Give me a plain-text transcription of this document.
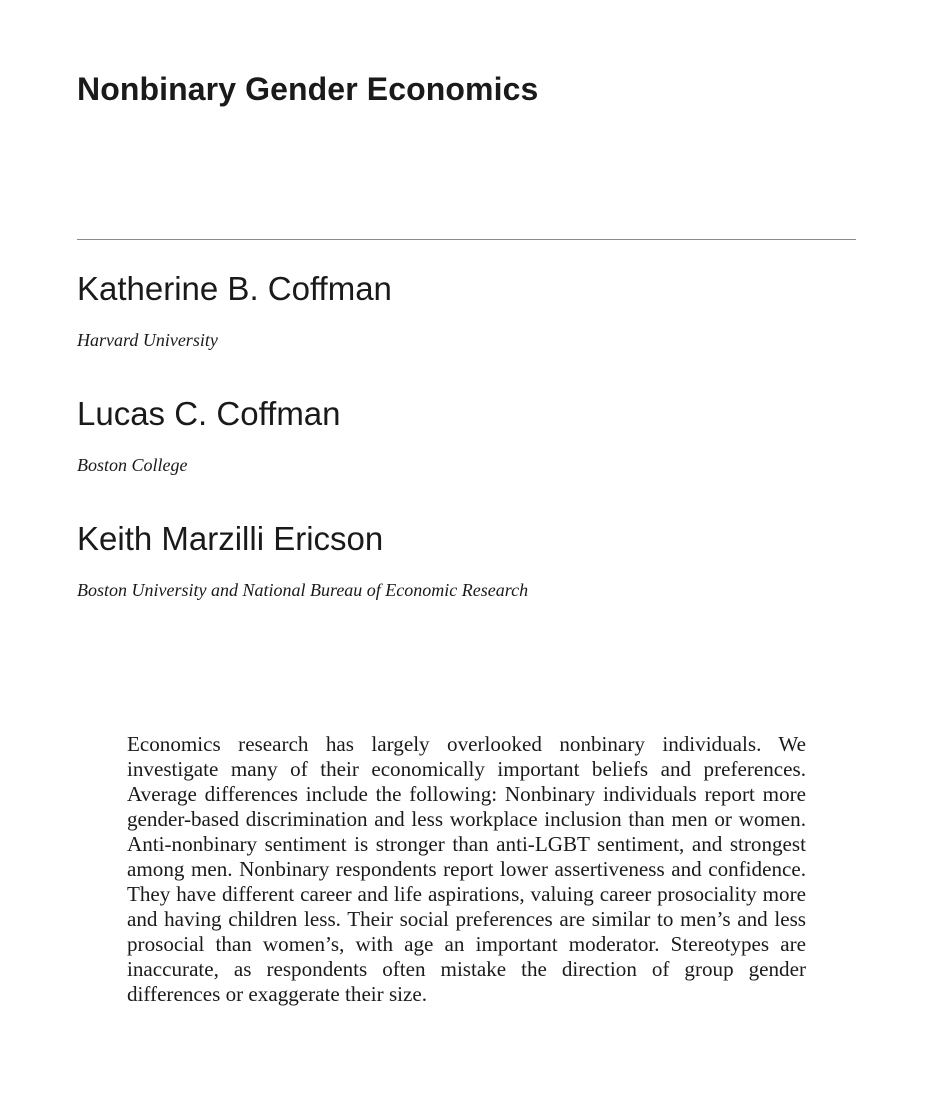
Nonbinary Gender Economics

Katherine B. Coffman

Harvard University

Lucas C. Coffman

Boston College

Keith Marzilli Ericson

Boston University and National Bureau of Economic Research

Economics research has largely overlooked nonbinary individuals. We investigate many of their economically important beliefs and preferences. Average differences include the following: Nonbinary individuals report more gender-based discrimination and less workplace inclusion than men or women. Anti-nonbinary sentiment is stronger than anti-LGBT sentiment, and strongest among men. Nonbinary respondents report lower assertiveness and confidence. They have different career and life aspirations, valuing career prosociality more and having children less. Their social preferences are similar to men’s and less prosocial than women’s, with age an important moderator. Stereotypes are inaccurate, as respondents often mistake the direction of group gender differences or exaggerate their size.
